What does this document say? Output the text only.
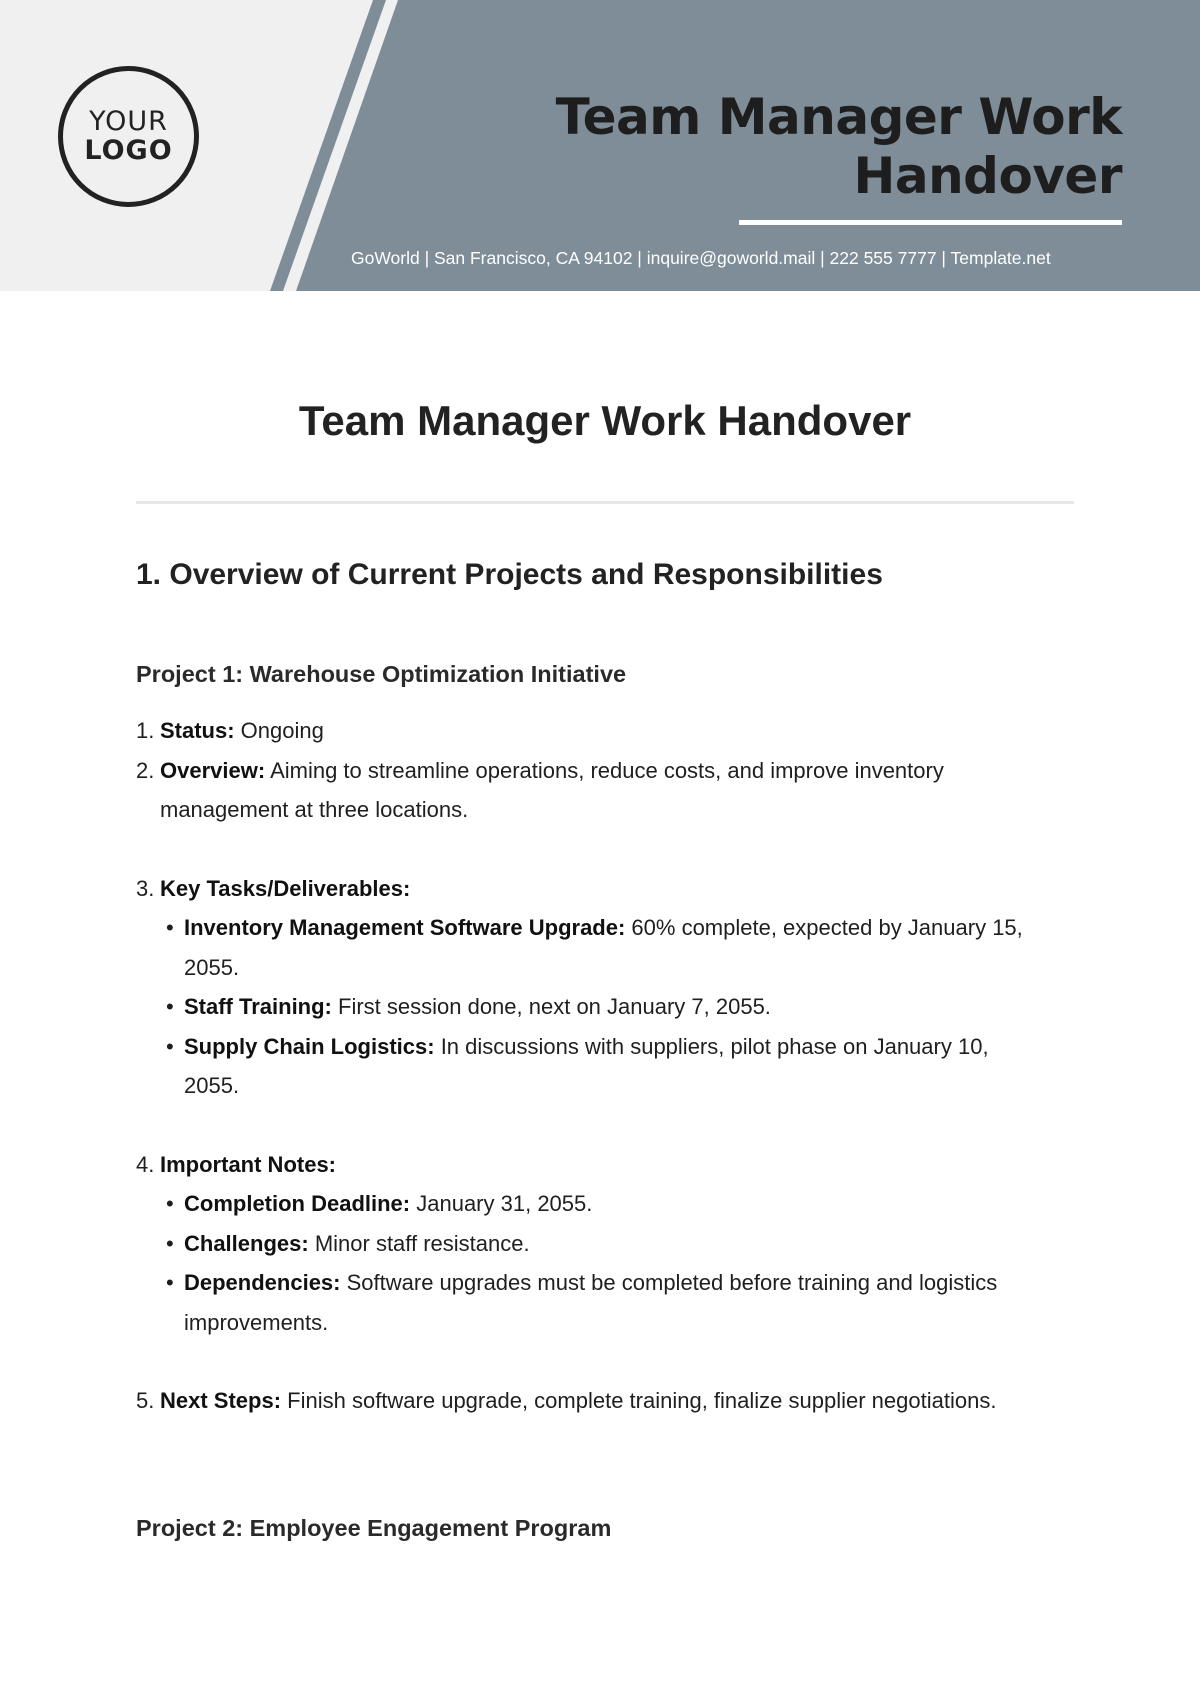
YOUR
LOGO
Team Manager Work Handover
GoWorld | San Francisco, CA 94102 | inquire@goworld.mail | 222 555 7777 | Template.net
Team Manager Work Handover
1. Overview of Current Projects and Responsibilities
Project 1: Warehouse Optimization Initiative
1. Status: Ongoing
2. Overview: Aiming to streamline operations, reduce costs, and improve inventory management at three locations.
3. Key Tasks/Deliverables:
• Inventory Management Software Upgrade: 60% complete, expected by January 15, 2055.
• Staff Training: First session done, next on January 7, 2055.
• Supply Chain Logistics: In discussions with suppliers, pilot phase on January 10, 2055.
4. Important Notes:
• Completion Deadline: January 31, 2055.
• Challenges: Minor staff resistance.
• Dependencies: Software upgrades must be completed before training and logistics improvements.
5. Next Steps: Finish software upgrade, complete training, finalize supplier negotiations.
Project 2: Employee Engagement Program
